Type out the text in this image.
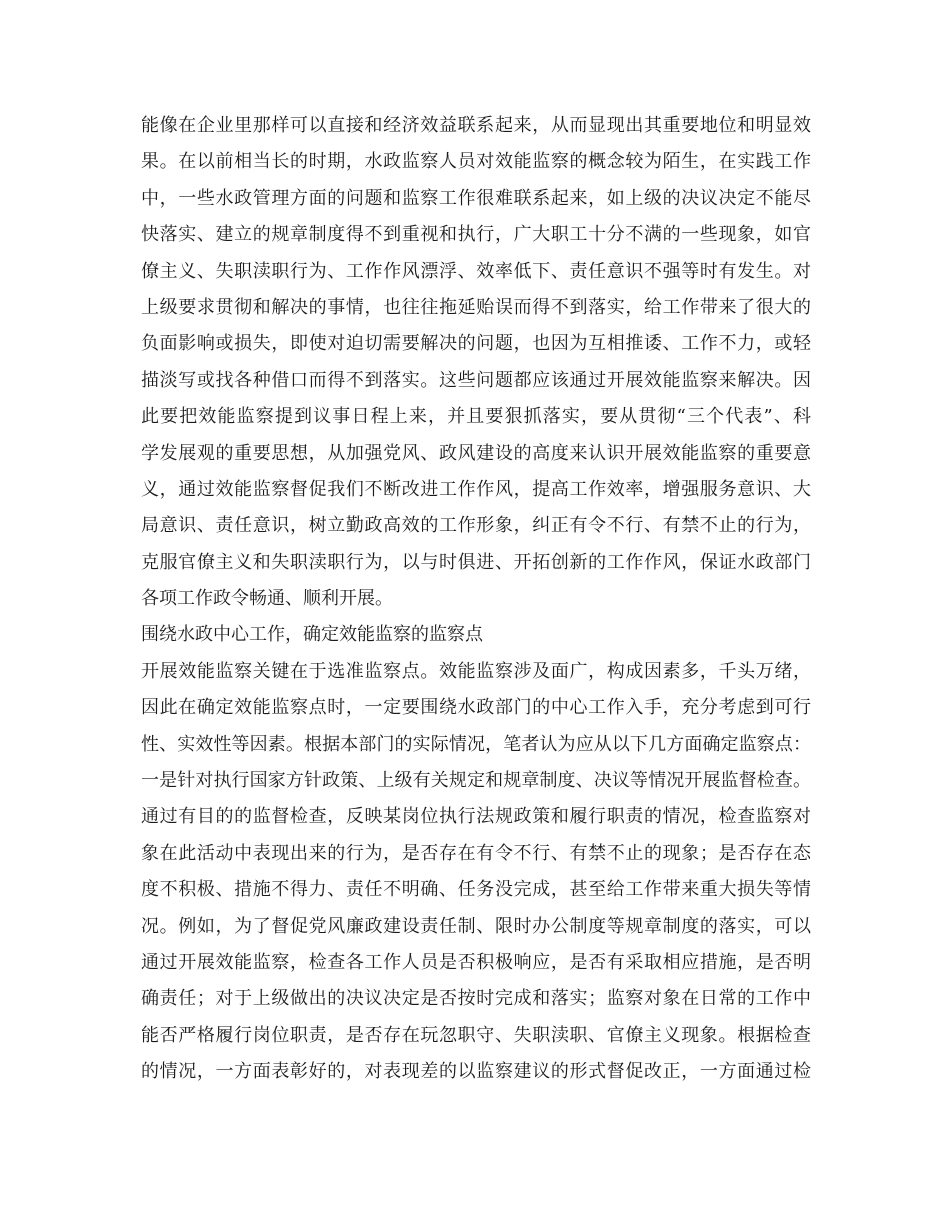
能像在企业里那样可以直接和经济效益联系起来，从而显现出其重要地位和明显效
果。在以前相当长的时期，水政监察人员对效能监察的概念较为陌生，在实践工作
中，一些水政管理方面的问题和监察工作很难联系起来，如上级的决议决定不能尽
快落实、建立的规章制度得不到重视和执行，广大职工十分不满的一些现象，如官
僚主义、失职渎职行为、工作作风漂浮、效率低下、责任意识不强等时有发生。对
上级要求贯彻和解决的事情，也往往拖延贻误而得不到落实，给工作带来了很大的
负面影响或损失，即使对迫切需要解决的问题，也因为互相推诿、工作不力，或轻
描淡写或找各种借口而得不到落实。这些问题都应该通过开展效能监察来解决。因
此要把效能监察提到议事日程上来，并且要狠抓落实，要从贯彻“三个代表”、科
学发展观的重要思想，从加强党风、政风建设的高度来认识开展效能监察的重要意
义，通过效能监察督促我们不断改进工作作风，提高工作效率，增强服务意识、大
局意识、责任意识，树立勤政高效的工作形象，纠正有令不行、有禁不止的行为，
克服官僚主义和失职渎职行为，以与时俱进、开拓创新的工作作风，保证水政部门
各项工作政令畅通、顺利开展。
围绕水政中心工作，确定效能监察的监察点
开展效能监察关键在于选准监察点。效能监察涉及面广，构成因素多，千头万绪，
因此在确定效能监察点时，一定要围绕水政部门的中心工作入手，充分考虑到可行
性、实效性等因素。根据本部门的实际情况，笔者认为应从以下几方面确定监察点：
一是针对执行国家方针政策、上级有关规定和规章制度、决议等情况开展监督检查。
通过有目的的监督检查，反映某岗位执行法规政策和履行职责的情况，检查监察对
象在此活动中表现出来的行为，是否存在有令不行、有禁不止的现象；是否存在态
度不积极、措施不得力、责任不明确、任务没完成，甚至给工作带来重大损失等情
况。例如，为了督促党风廉政建设责任制、限时办公制度等规章制度的落实，可以
通过开展效能监察，检查各工作人员是否积极响应，是否有采取相应措施，是否明
确责任；对于上级做出的决议决定是否按时完成和落实；监察对象在日常的工作中
能否严格履行岗位职责，是否存在玩忽职守、失职渎职、官僚主义现象。根据检查
的情况，一方面表彰好的，对表现差的以监察建议的形式督促改正，一方面通过检
